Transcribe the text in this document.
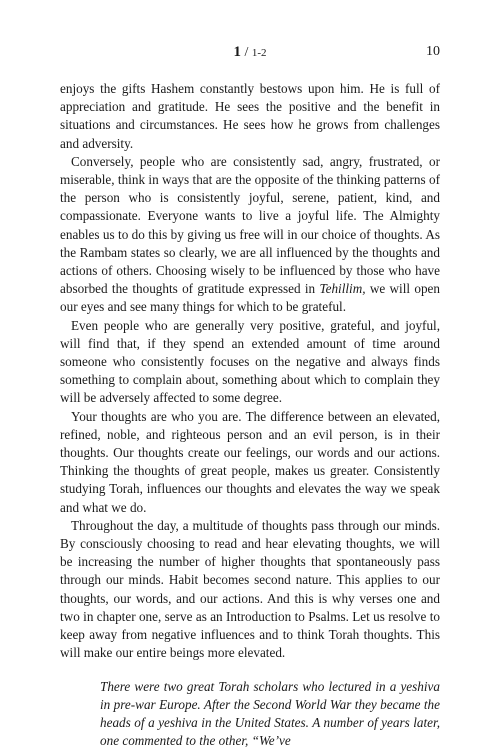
1 / 1-2	10

enjoys the gifts Hashem constantly bestows upon him. He is full of appreciation and gratitude. He sees the positive and the benefit in situations and circumstances. He sees how he grows from challenges and adversity.

Conversely, people who are consistently sad, angry, frustrated, or miserable, think in ways that are the opposite of the thinking patterns of the person who is consistently joyful, serene, patient, kind, and compassionate. Everyone wants to live a joyful life. The Almighty enables us to do this by giving us free will in our choice of thoughts. As the Rambam states so clearly, we are all influenced by the thoughts and actions of others. Choosing wisely to be influenced by those who have absorbed the thoughts of gratitude expressed in Tehillim, we will open our eyes and see many things for which to be grateful.

Even people who are generally very positive, grateful, and joyful, will find that, if they spend an extended amount of time around someone who consistently focuses on the negative and always finds something to complain about, something about which to complain they will be adversely affected to some degree.

Your thoughts are who you are. The difference between an elevated, refined, noble, and righteous person and an evil person, is in their thoughts. Our thoughts create our feelings, our words and our actions. Thinking the thoughts of great people, makes us greater. Consistently studying Torah, influences our thoughts and elevates the way we speak and what we do.

Throughout the day, a multitude of thoughts pass through our minds. By consciously choosing to read and hear elevating thoughts, we will be increasing the number of higher thoughts that spontaneously pass through our minds. Habit becomes second nature. This applies to our thoughts, our words, and our actions. And this is why verses one and two in chapter one, serve as an Introduction to Psalms. Let us resolve to keep away from negative influences and to think Torah thoughts. This will make our entire beings more elevated.

There were two great Torah scholars who lectured in a yeshiva in pre-war Europe. After the Second World War they became the heads of a yeshiva in the United States. A number of years later, one commented to the other, “We’ve
